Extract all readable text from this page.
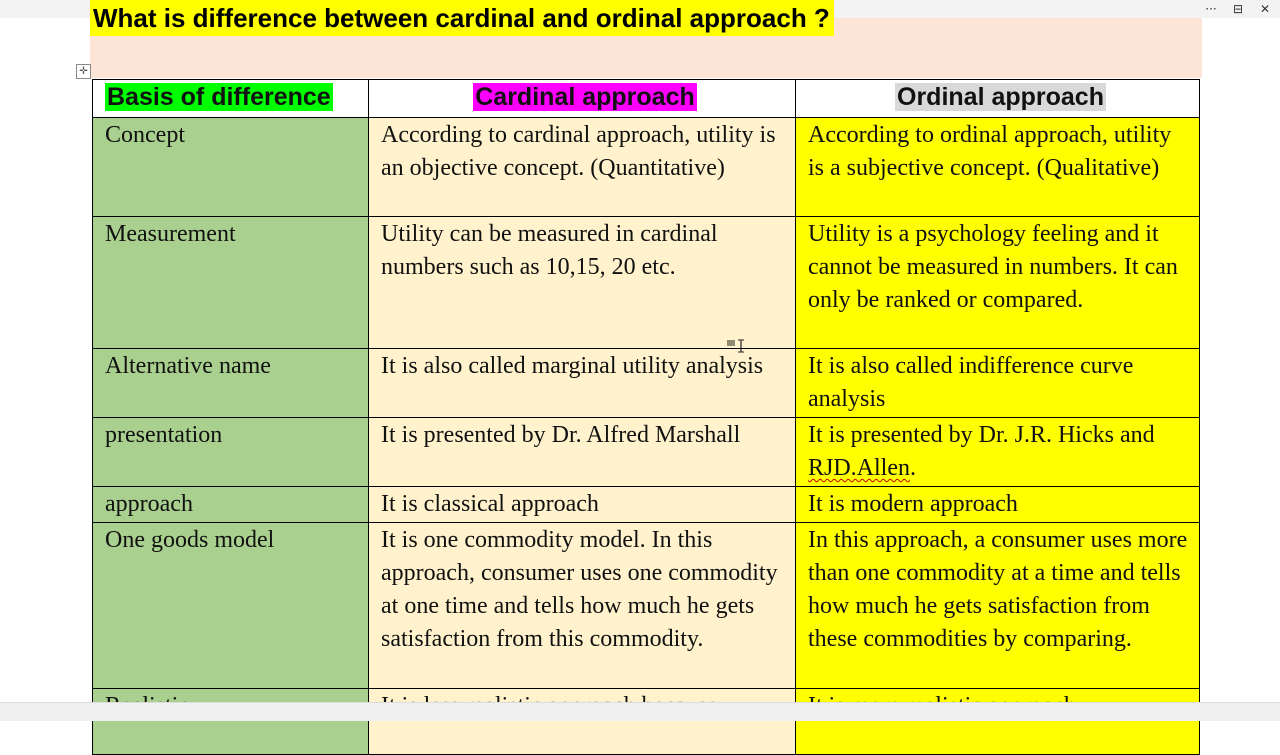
···	⊟	✕
What is difference between cardinal and ordinal approach ?
✛
Basis of difference	Cardinal approach	Ordinal approach
Concept	According to cardinal approach, utility is an objective concept. (Quantitative)	According to ordinal approach, utility is a subjective concept. (Qualitative)
Measurement	Utility can be measured in cardinal numbers such as 10,15, 20 etc.	Utility is a psychology feeling and it cannot be measured in numbers. It can only be ranked or compared.
Alternative name	It is also called marginal utility analysis	It is also called indifference curve analysis
presentation	It is presented by Dr. Alfred Marshall	It is presented by Dr. J.R. Hicks and RJD.Allen.
approach	It is classical approach	It is modern approach
One goods model	It is one commodity model. In this approach, consumer uses one commodity at one time and tells how much he gets satisfaction from this commodity.	In this approach, a consumer uses more than one commodity at a time and tells how much he gets satisfaction from these commodities by comparing.
